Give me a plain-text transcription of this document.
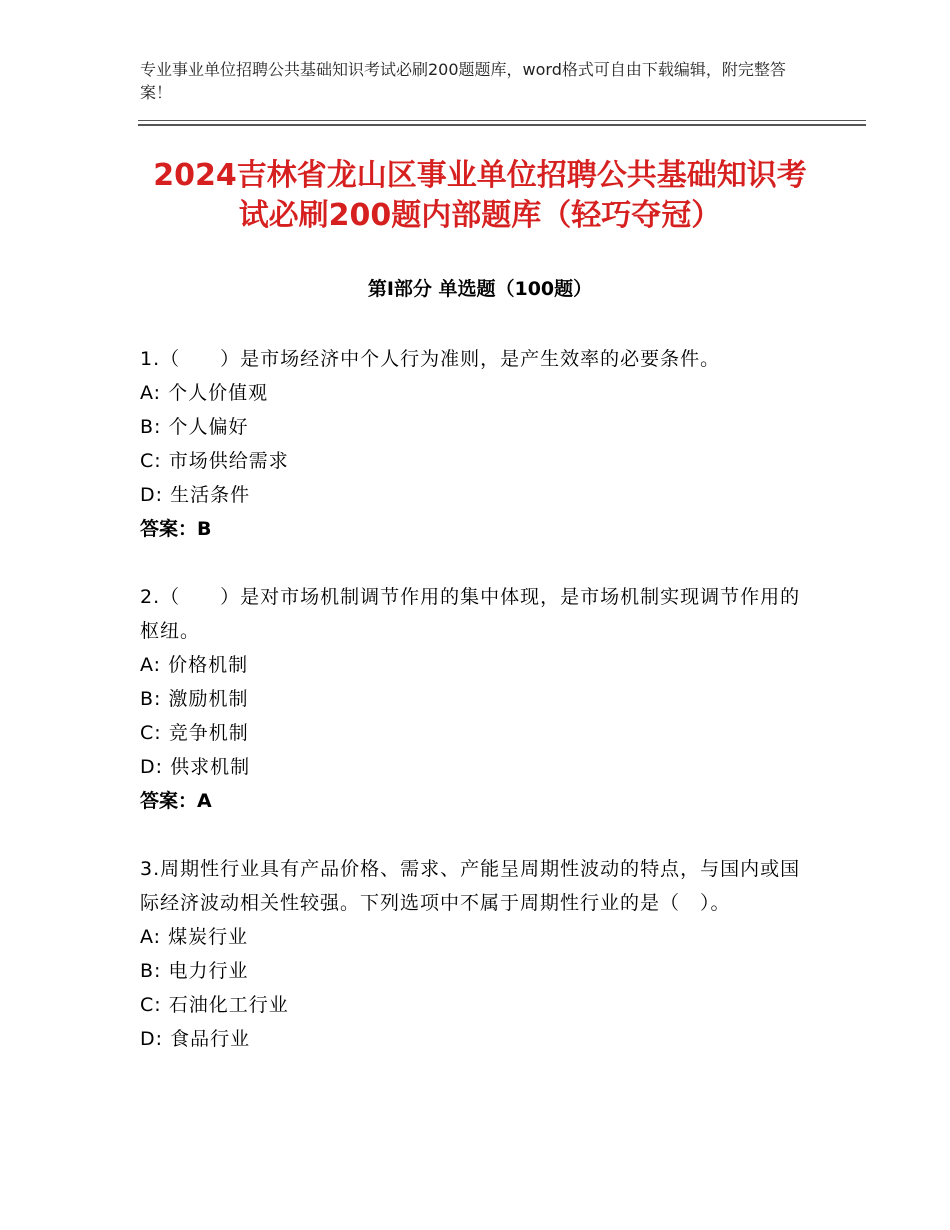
专业事业单位招聘公共基础知识考试必刷200题题库，word格式可自由下载编辑，附完整答案！
2024吉林省龙山区事业单位招聘公共基础知识考试必刷200题内部题库（轻巧夺冠）
第Ⅰ部分 单选题（100题）
1.（　　）是市场经济中个人行为准则，是产生效率的必要条件。
A: 个人价值观
B: 个人偏好
C: 市场供给需求
D: 生活条件
答案：B
2.（　　）是对市场机制调节作用的集中体现，是市场机制实现调节作用的枢纽。
A: 价格机制
B: 激励机制
C: 竞争机制
D: 供求机制
答案：A
3.周期性行业具有产品价格、需求、产能呈周期性波动的特点，与国内或国际经济波动相关性较强。下列选项中不属于周期性行业的是（　）。
A: 煤炭行业
B: 电力行业
C: 石油化工行业
D: 食品行业
